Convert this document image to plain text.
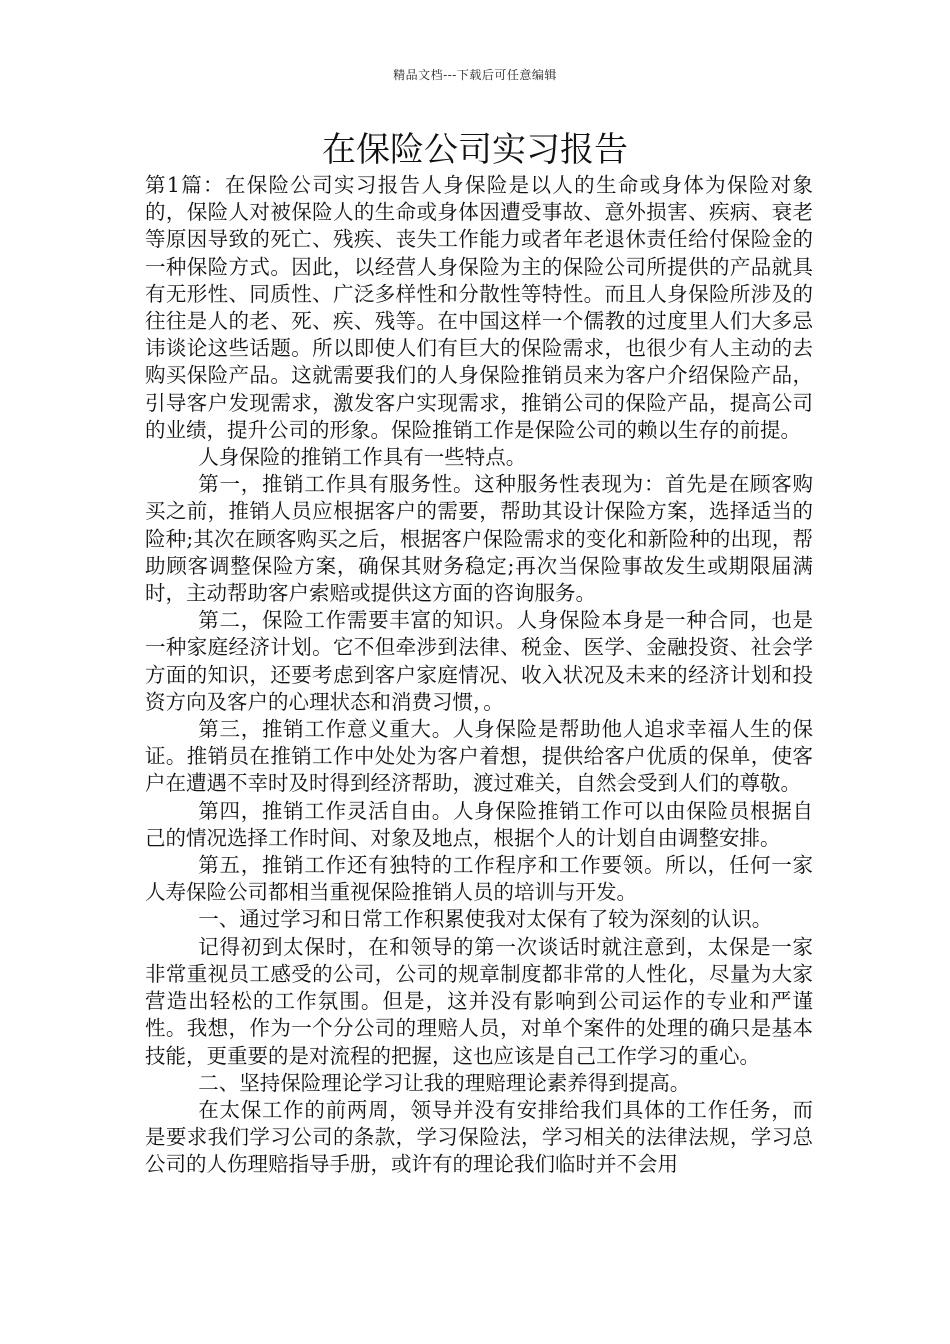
精品文档---下载后可任意编辑
在保险公司实习报告

第1篇：在保险公司实习报告人身保险是以人的生命或身体为保险对象的，保险人对被保险人的生命或身体因遭受事故、意外损害、疾病、衰老等原因导致的死亡、残疾、丧失工作能力或者年老退休责任给付保险金的一种保险方式。因此，以经营人身保险为主的保险公司所提供的产品就具有无形性、同质性、广泛多样性和分散性等特性。而且人身保险所涉及的往往是人的老、死、疾、残等。在中国这样一个儒教的过度里人们大多忌讳谈论这些话题。所以即使人们有巨大的保险需求，也很少有人主动的去购买保险产品。这就需要我们的人身保险推销员来为客户介绍保险产品，引导客户发现需求，激发客户实现需求，推销公司的保险产品，提高公司的业绩，提升公司的形象。保险推销工作是保险公司的赖以生存的前提。

人身保险的推销工作具有一些特点。

第一，推销工作具有服务性。这种服务性表现为：首先是在顾客购买之前，推销人员应根据客户的需要，帮助其设计保险方案，选择适当的险种;其次在顾客购买之后，根据客户保险需求的变化和新险种的出现，帮助顾客调整保险方案，确保其财务稳定;再次当保险事故发生或期限届满时，主动帮助客户索赔或提供这方面的咨询服务。

第二，保险工作需要丰富的知识。人身保险本身是一种合同，也是一种家庭经济计划。它不但牵涉到法律、税金、医学、金融投资、社会学方面的知识，还要考虑到客户家庭情况、收入状况及未来的经济计划和投资方向及客户的心理状态和消费习惯，。

第三，推销工作意义重大。人身保险是帮助他人追求幸福人生的保证。推销员在推销工作中处处为客户着想，提供给客户优质的保单，使客户在遭遇不幸时及时得到经济帮助，渡过难关，自然会受到人们的尊敬。

第四，推销工作灵活自由。人身保险推销工作可以由保险员根据自己的情况选择工作时间、对象及地点，根据个人的计划自由调整安排。

第五，推销工作还有独特的工作程序和工作要领。所以，任何一家人寿保险公司都相当重视保险推销人员的培训与开发。

一、通过学习和日常工作积累使我对太保有了较为深刻的认识。

记得初到太保时，在和领导的第一次谈话时就注意到，太保是一家非常重视员工感受的公司，公司的规章制度都非常的人性化，尽量为大家营造出轻松的工作氛围。但是，这并没有影响到公司运作的专业和严谨性。我想，作为一个分公司的理赔人员，对单个案件的处理的确只是基本技能，更重要的是对流程的把握，这也应该是自己工作学习的重心。

二、坚持保险理论学习让我的理赔理论素养得到提高。

在太保工作的前两周，领导并没有安排给我们具体的工作任务，而是要求我们学习公司的条款，学习保险法，学习相关的法律法规，学习总公司的人伤理赔指导手册，或许有的理论我们临时并不会用
